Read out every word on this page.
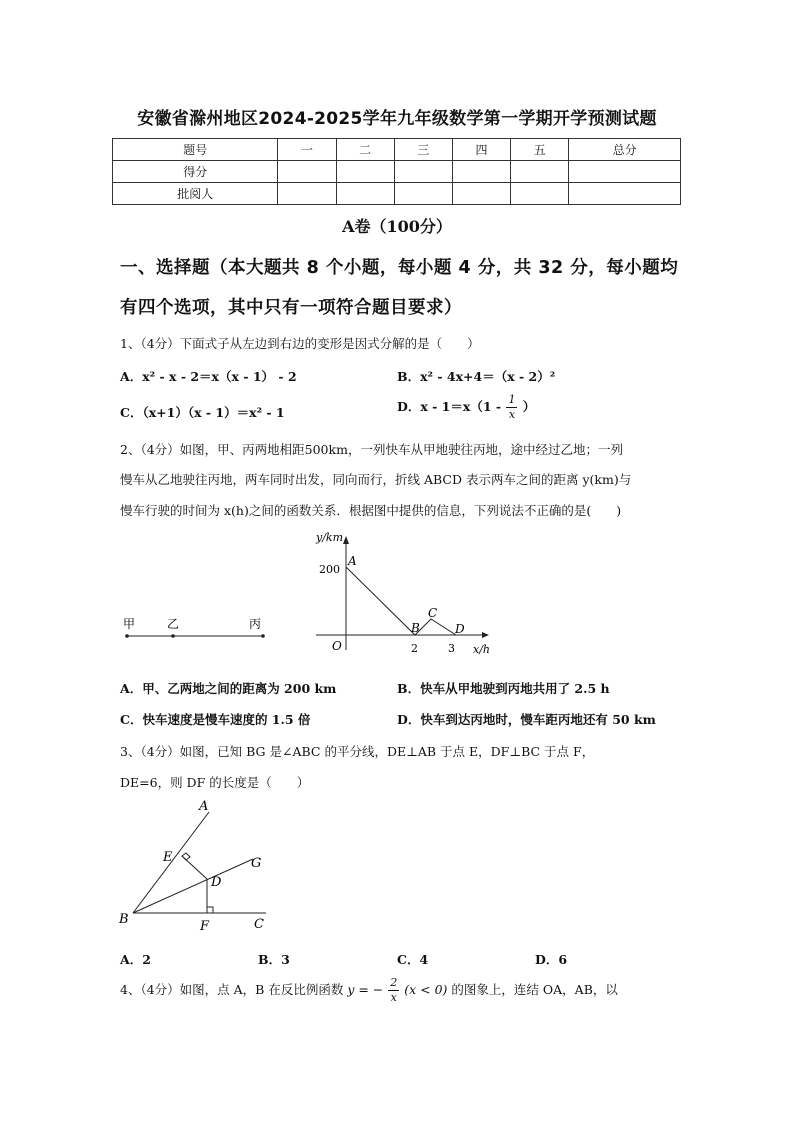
安徽省滁州地区2024-2025学年九年级数学第一学期开学预测试题
题号	一	二	三	四	五	总分
得分						
批阅人						
A卷（100分）
一、选择题（本大题共 8 个小题，每小题 4 分，共 32 分，每小题均
有四个选项，其中只有一项符合题目要求）
1、（4分）下面式子从左边到右边的变形是因式分解的是（　　）
A．x² - x - 2＝x（x - 1） - 2	B．x² - 4x+4＝（x - 2）²
C．（x+1）（x - 1）＝x² - 1	D．$x - 1=x(1 - \frac{1}{x}$ ）
2、（4分）如图，甲、丙两地相距500km，一列快车从甲地驶往丙地，途中经过乙地；一列
慢车从乙地驶往丙地，两车同时出发，同向而行，折线 ABCD 表示两车之间的距离 y(km)与
慢车行驶的时间为 x(h)之间的函数关系．根据图中提供的信息，下列说法不正确的是(　　)
甲	乙	丙
y/km
x/h
O
200
2	3
A
B
C
D
A．甲、乙两地之间的距离为 200 km	B．快车从甲地驶到丙地共用了 2.5 h
C．快车速度是慢车速度的 1.5 倍	D．快车到达丙地时，慢车距丙地还有 50 km
3、（4分）如图，已知 BG 是∠ABC 的平分线，DE⊥AB 于点 E，DF⊥BC 于点 F，
DE=6，则 DF 的长度是（　　）
A
E	G
D
B	F	C
A．2	B．3	C．4	D．6
4、（4分）如图，点 A，B 在反比例函数 y = − $\frac{2}{x} (x < 0)$ 的图象上，连结 OA，AB，以
